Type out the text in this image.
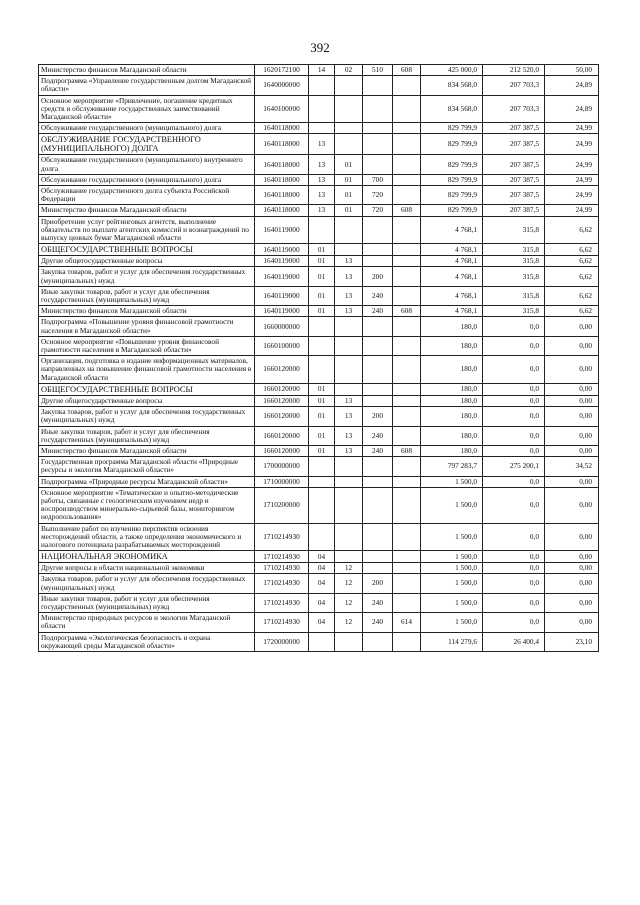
392
Министерство финансов Магаданской области	1620172100	14	02	510	608	425 000,0	212 520,0	50,00
Подпрограмма «Управление государственным долгом Магаданской области»	1640000000					834 568,0	207 703,3	24,89
Основное мероприятие «Привлечение, погашение кредитных средств и обслуживание государственных заимствований Магаданской области»	1640100000					834 568,0	207 703,3	24,89
Обслуживание государственного (муниципального) долга	1640118000					829 799,9	207 387,5	24,99
ОБСЛУЖИВАНИЕ ГОСУДАРСТВЕННОГО (МУНИЦИПАЛЬНОГО) ДОЛГА	1640118000	13				829 799,9	207 387,5	24,99
Обслуживание государственного (муниципального) внутреннего долга	1640118000	13	01			829 799,9	207 387,5	24,99
Обслуживание государственного (муниципального) долга	1640118000	13	01	700		829 799,9	207 387,5	24,99
Обслуживание государственного долга субъекта Российской Федерации	1640118000	13	01	720		829 799,9	207 387,5	24,99
Министерство финансов Магаданской области	1640118000	13	01	720	608	829 799,9	207 387,5	24,99
Приобретение услуг рейтинговых агентств, выполнение обязательств по выплате агентских комиссий и вознаграждений по выпуску ценных бумаг Магаданской области	1640119000					4 768,1	315,8	6,62
ОБЩЕГОСУДАРСТВЕННЫЕ ВОПРОСЫ	1640119000	01				4 768,1	315,8	6,62
Другие общегосударственные вопросы	1640119000	01	13			4 768,1	315,8	6,62
Закупка товаров, работ и услуг для обеспечения государственных (муниципальных) нужд	1640119000	01	13	200		4 768,1	315,8	6,62
Иные закупки товаров, работ и услуг для обеспечения государственных (муниципальных) нужд	1640119000	01	13	240		4 768,1	315,8	6,62
Министерство финансов Магаданской области	1640119000	01	13	240	608	4 768,1	315,8	6,62
Подпрограмма «Повышение уровня финансовой грамотности населения в Магаданской области»	1660000000					180,0	0,0	0,00
Основное мероприятие «Повышение уровня финансовой грамотности населения в Магаданской области»	1660100000					180,0	0,0	0,00
Организация, подготовка и издание информационных материалов, направленных на повышение финансовой грамотности населения в Магаданской области	1660120000					180,0	0,0	0,00
ОБЩЕГОСУДАРСТВЕННЫЕ ВОПРОСЫ	1660120000	01				180,0	0,0	0,00
Другие общегосударственные вопросы	1660120000	01	13			180,0	0,0	0,00
Закупка товаров, работ и услуг для обеспечения государственных (муниципальных) нужд	1660120000	01	13	200		180,0	0,0	0,00
Иные закупки товаров, работ и услуг для обеспечения государственных (муниципальных) нужд	1660120000	01	13	240		180,0	0,0	0,00
Министерство финансов Магаданской области	1660120000	01	13	240	608	180,0	0,0	0,00
Государственная программа Магаданской области «Природные ресурсы и экология Магаданской области»	1700000000					797 283,7	275 200,1	34,52
Подпрограмма «Природные ресурсы Магаданской области»	1710000000					1 500,0	0,0	0,00
Основное мероприятие «Тематические и опытно-методические работы, связанные с геологическим изучением недр и воспроизводством минерально-сырьевой базы, мониторингом недропользования»	1710200000					1 500,0	0,0	0,00
Выполнение работ по изучению перспектив освоения месторождений области, а также определения экономического и налогового потенциала разрабатываемых месторождений	1710214930					1 500,0	0,0	0,00
НАЦИОНАЛЬНАЯ ЭКОНОМИКА	1710214930	04				1 500,0	0,0	0,00
Другие вопросы в области национальной экономики	1710214930	04	12			1 500,0	0,0	0,00
Закупка товаров, работ и услуг для обеспечения государственных (муниципальных) нужд	1710214930	04	12	200		1 500,0	0,0	0,00
Иные закупки товаров, работ и услуг для обеспечения государственных (муниципальных) нужд	1710214930	04	12	240		1 500,0	0,0	0,00
Министерство природных ресурсов и экологии Магаданской области	1710214930	04	12	240	614	1 500,0	0,0	0,00
Подпрограмма «Экологическая безопасность и охрана окружающей среды Магаданской области»	1720000000					114 279,6	26 400,4	23,10
